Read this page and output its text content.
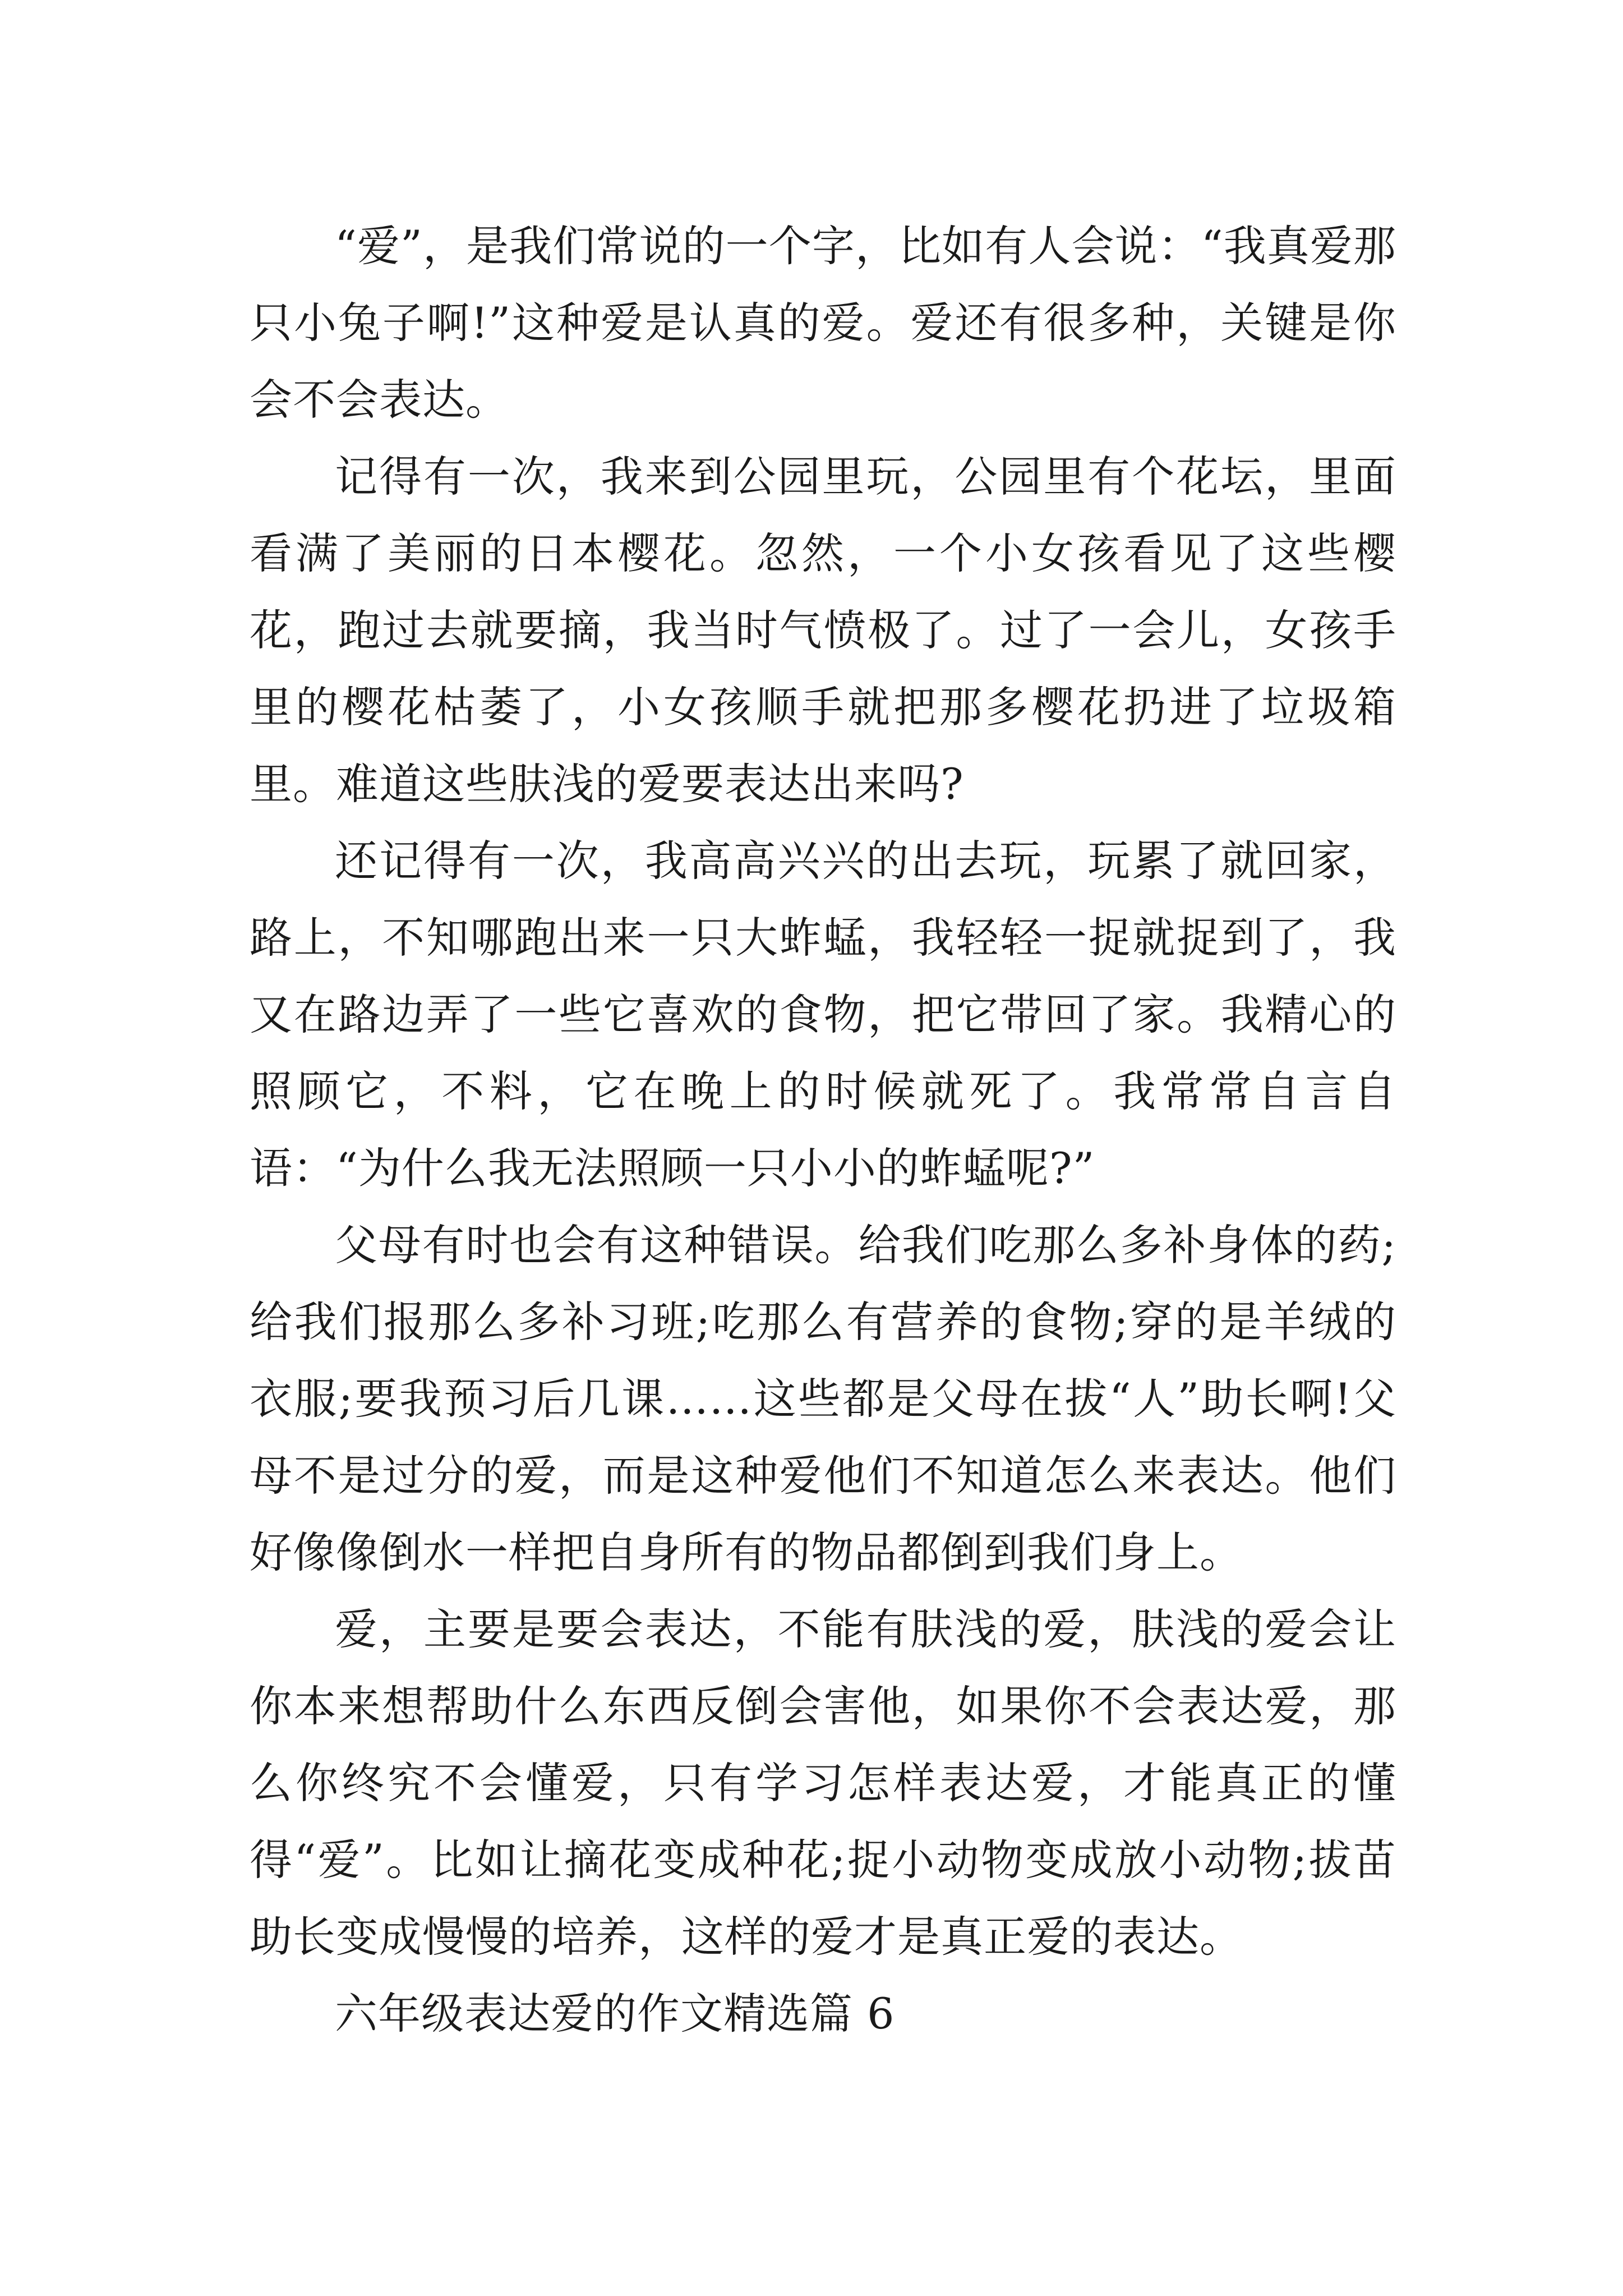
“爱”，是我们常说的一个字，比如有人会说：“我真爱那只小兔子啊!”这种爱是认真的爱。爱还有很多种，关键是你会不会表达。

记得有一次，我来到公园里玩，公园里有个花坛，里面看满了美丽的日本樱花。忽然，一个小女孩看见了这些樱花，跑过去就要摘，我当时气愤极了。过了一会儿，女孩手里的樱花枯萎了，小女孩顺手就把那多樱花扔进了垃圾箱里。难道这些肤浅的爱要表达出来吗?

还记得有一次，我高高兴兴的出去玩，玩累了就回家，路上，不知哪跑出来一只大蚱蜢，我轻轻一捉就捉到了，我又在路边弄了一些它喜欢的食物，把它带回了家。我精心的照顾它，不料，它在晚上的时候就死了。我常常自言自语：“为什么我无法照顾一只小小的蚱蜢呢?”

父母有时也会有这种错误。给我们吃那么多补身体的药;给我们报那么多补习班;吃那么有营养的食物;穿的是羊绒的衣服;要我预习后几课……这些都是父母在拔“人”助长啊!父母不是过分的爱，而是这种爱他们不知道怎么来表达。他们好像像倒水一样把自身所有的物品都倒到我们身上。

爱，主要是要会表达，不能有肤浅的爱，肤浅的爱会让你本来想帮助什么东西反倒会害他，如果你不会表达爱，那么你终究不会懂爱，只有学习怎样表达爱，才能真正的懂得“爱”。比如让摘花变成种花;捉小动物变成放小动物;拔苗助长变成慢慢的培养，这样的爱才是真正爱的表达。

六年级表达爱的作文精选篇 6
